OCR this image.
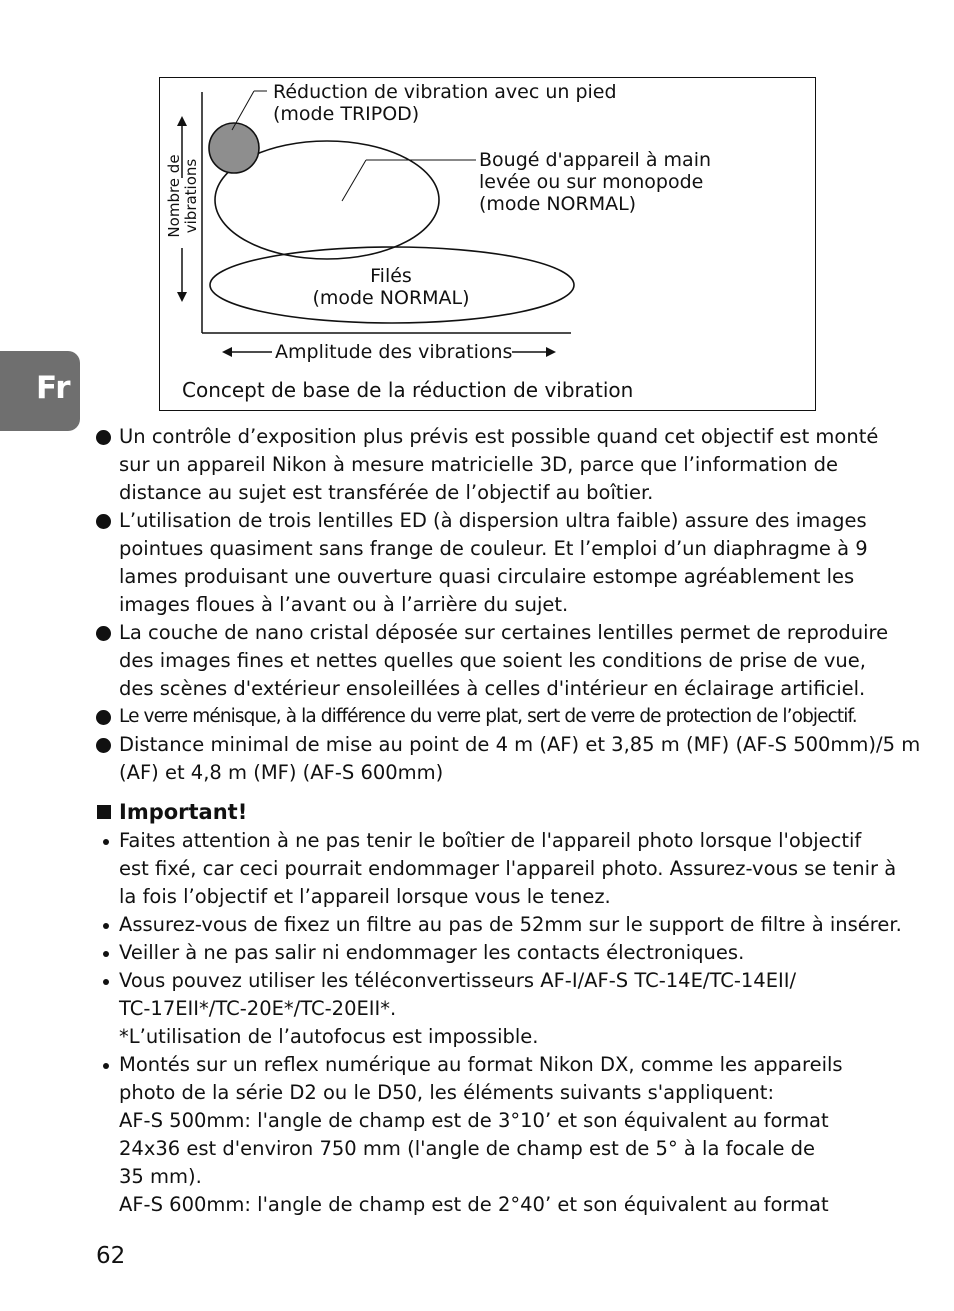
Fr
Réduction de vibration avec un pied
(mode TRIPOD)
Bougé d'appareil à main
levée ou sur monopode
(mode NORMAL)
Filés
(mode NORMAL)
Nombre de vibrations
Amplitude des vibrations
Concept de base de la réduction de vibration
Un contrôle d’exposition plus prévis est possible quand cet objectif est monté
sur un appareil Nikon à mesure matricielle 3D, parce que l’information de
distance au sujet est transférée de l’objectif au boîtier.
L’utilisation de trois lentilles ED (à dispersion ultra faible) assure des images
pointues quasiment sans frange de couleur. Et l’emploi d’un diaphragme à 9
lames produisant une ouverture quasi circulaire estompe agréablement les
images floues à l’avant ou à l’arrière du sujet.
La couche de nano cristal déposée sur certaines lentilles permet de reproduire
des images fines et nettes quelles que soient les conditions de prise de vue,
des scènes d'extérieur ensoleillées à celles d'intérieur en éclairage artificiel.
Le verre ménisque, à la différence du verre plat, sert de verre de protection de l’objectif.
Distance minimal de mise au point de 4 m (AF) et 3,85 m (MF) (AF-S 500mm)/5 m
(AF) et 4,8 m (MF) (AF-S 600mm)
Important!
Faites attention à ne pas tenir le boîtier de l'appareil photo lorsque l'objectif
est fixé, car ceci pourrait endommager l'appareil photo. Assurez-vous se tenir à
la fois l’objectif et l’appareil lorsque vous le tenez.
Assurez-vous de fixez un filtre au pas de 52mm sur le support de filtre à insérer.
Veiller à ne pas salir ni endommager les contacts électroniques.
Vous pouvez utiliser les téléconvertisseurs AF-I/AF-S TC-14E/TC-14EII/
TC-17EII*/TC-20E*/TC-20EII*.
*L’utilisation de l’autofocus est impossible.
Montés sur un reflex numérique au format Nikon DX, comme les appareils
photo de la série D2 ou le D50, les éléments suivants s'appliquent:
AF-S 500mm: l'angle de champ est de 3°10’ et son équivalent au format
24x36 est d'environ 750 mm (l'angle de champ est de 5° à la focale de
35 mm).
AF-S 600mm: l'angle de champ est de 2°40’ et son équivalent au format
62
